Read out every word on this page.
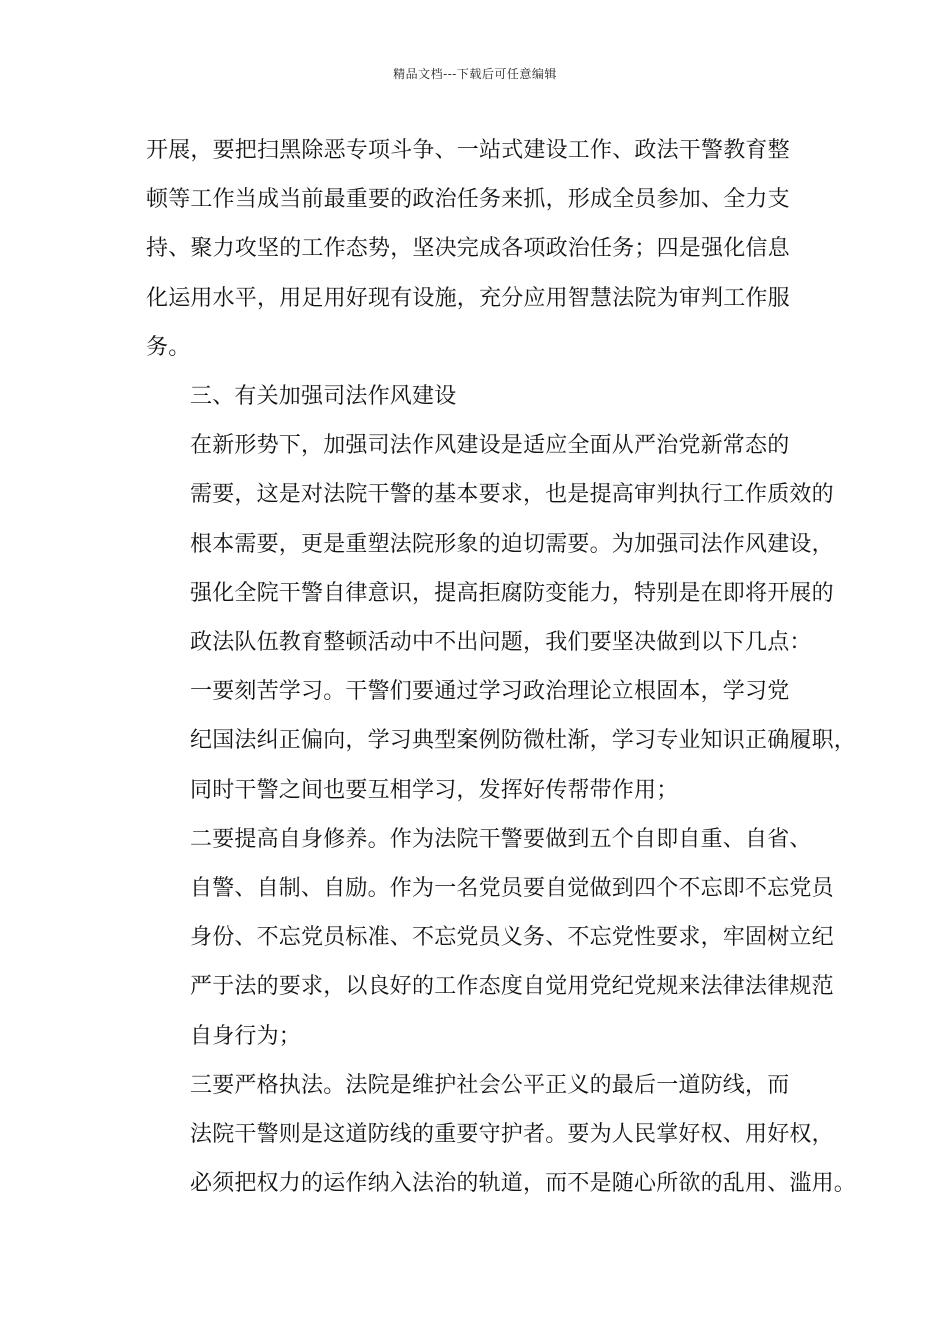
精品文档---下载后可任意编辑

开展，要把扫黑除恶专项斗争、一站式建设工作、政法干警教育整
顿等工作当成当前最重要的政治任务来抓，形成全员参加、全力支
持、聚力攻坚的工作态势，坚决完成各项政治任务；四是强化信息
化运用水平，用足用好现有设施，充分应用智慧法院为审判工作服
务。

三、有关加强司法作风建设

在新形势下，加强司法作风建设是适应全面从严治党新常态的
需要，这是对法院干警的基本要求，也是提高审判执行工作质效的
根本需要，更是重塑法院形象的迫切需要。为加强司法作风建设，
强化全院干警自律意识，提高拒腐防变能力，特别是在即将开展的
政法队伍教育整顿活动中不出问题，我们要坚决做到以下几点：

一要刻苦学习。干警们要通过学习政治理论立根固本，学习党
纪国法纠正偏向，学习典型案例防微杜渐，学习专业知识正确履职，
同时干警之间也要互相学习，发挥好传帮带作用；

二要提高自身修养。作为法院干警要做到五个自即自重、自省、
自警、自制、自励。作为一名党员要自觉做到四个不忘即不忘党员
身份、不忘党员标准、不忘党员义务、不忘党性要求，牢固树立纪
严于法的要求，以良好的工作态度自觉用党纪党规来法律法律规范
自身行为；

三要严格执法。法院是维护社会公平正义的最后一道防线，而
法院干警则是这道防线的重要守护者。要为人民掌好权、用好权，
必须把权力的运作纳入法治的轨道，而不是随心所欲的乱用、滥用。
